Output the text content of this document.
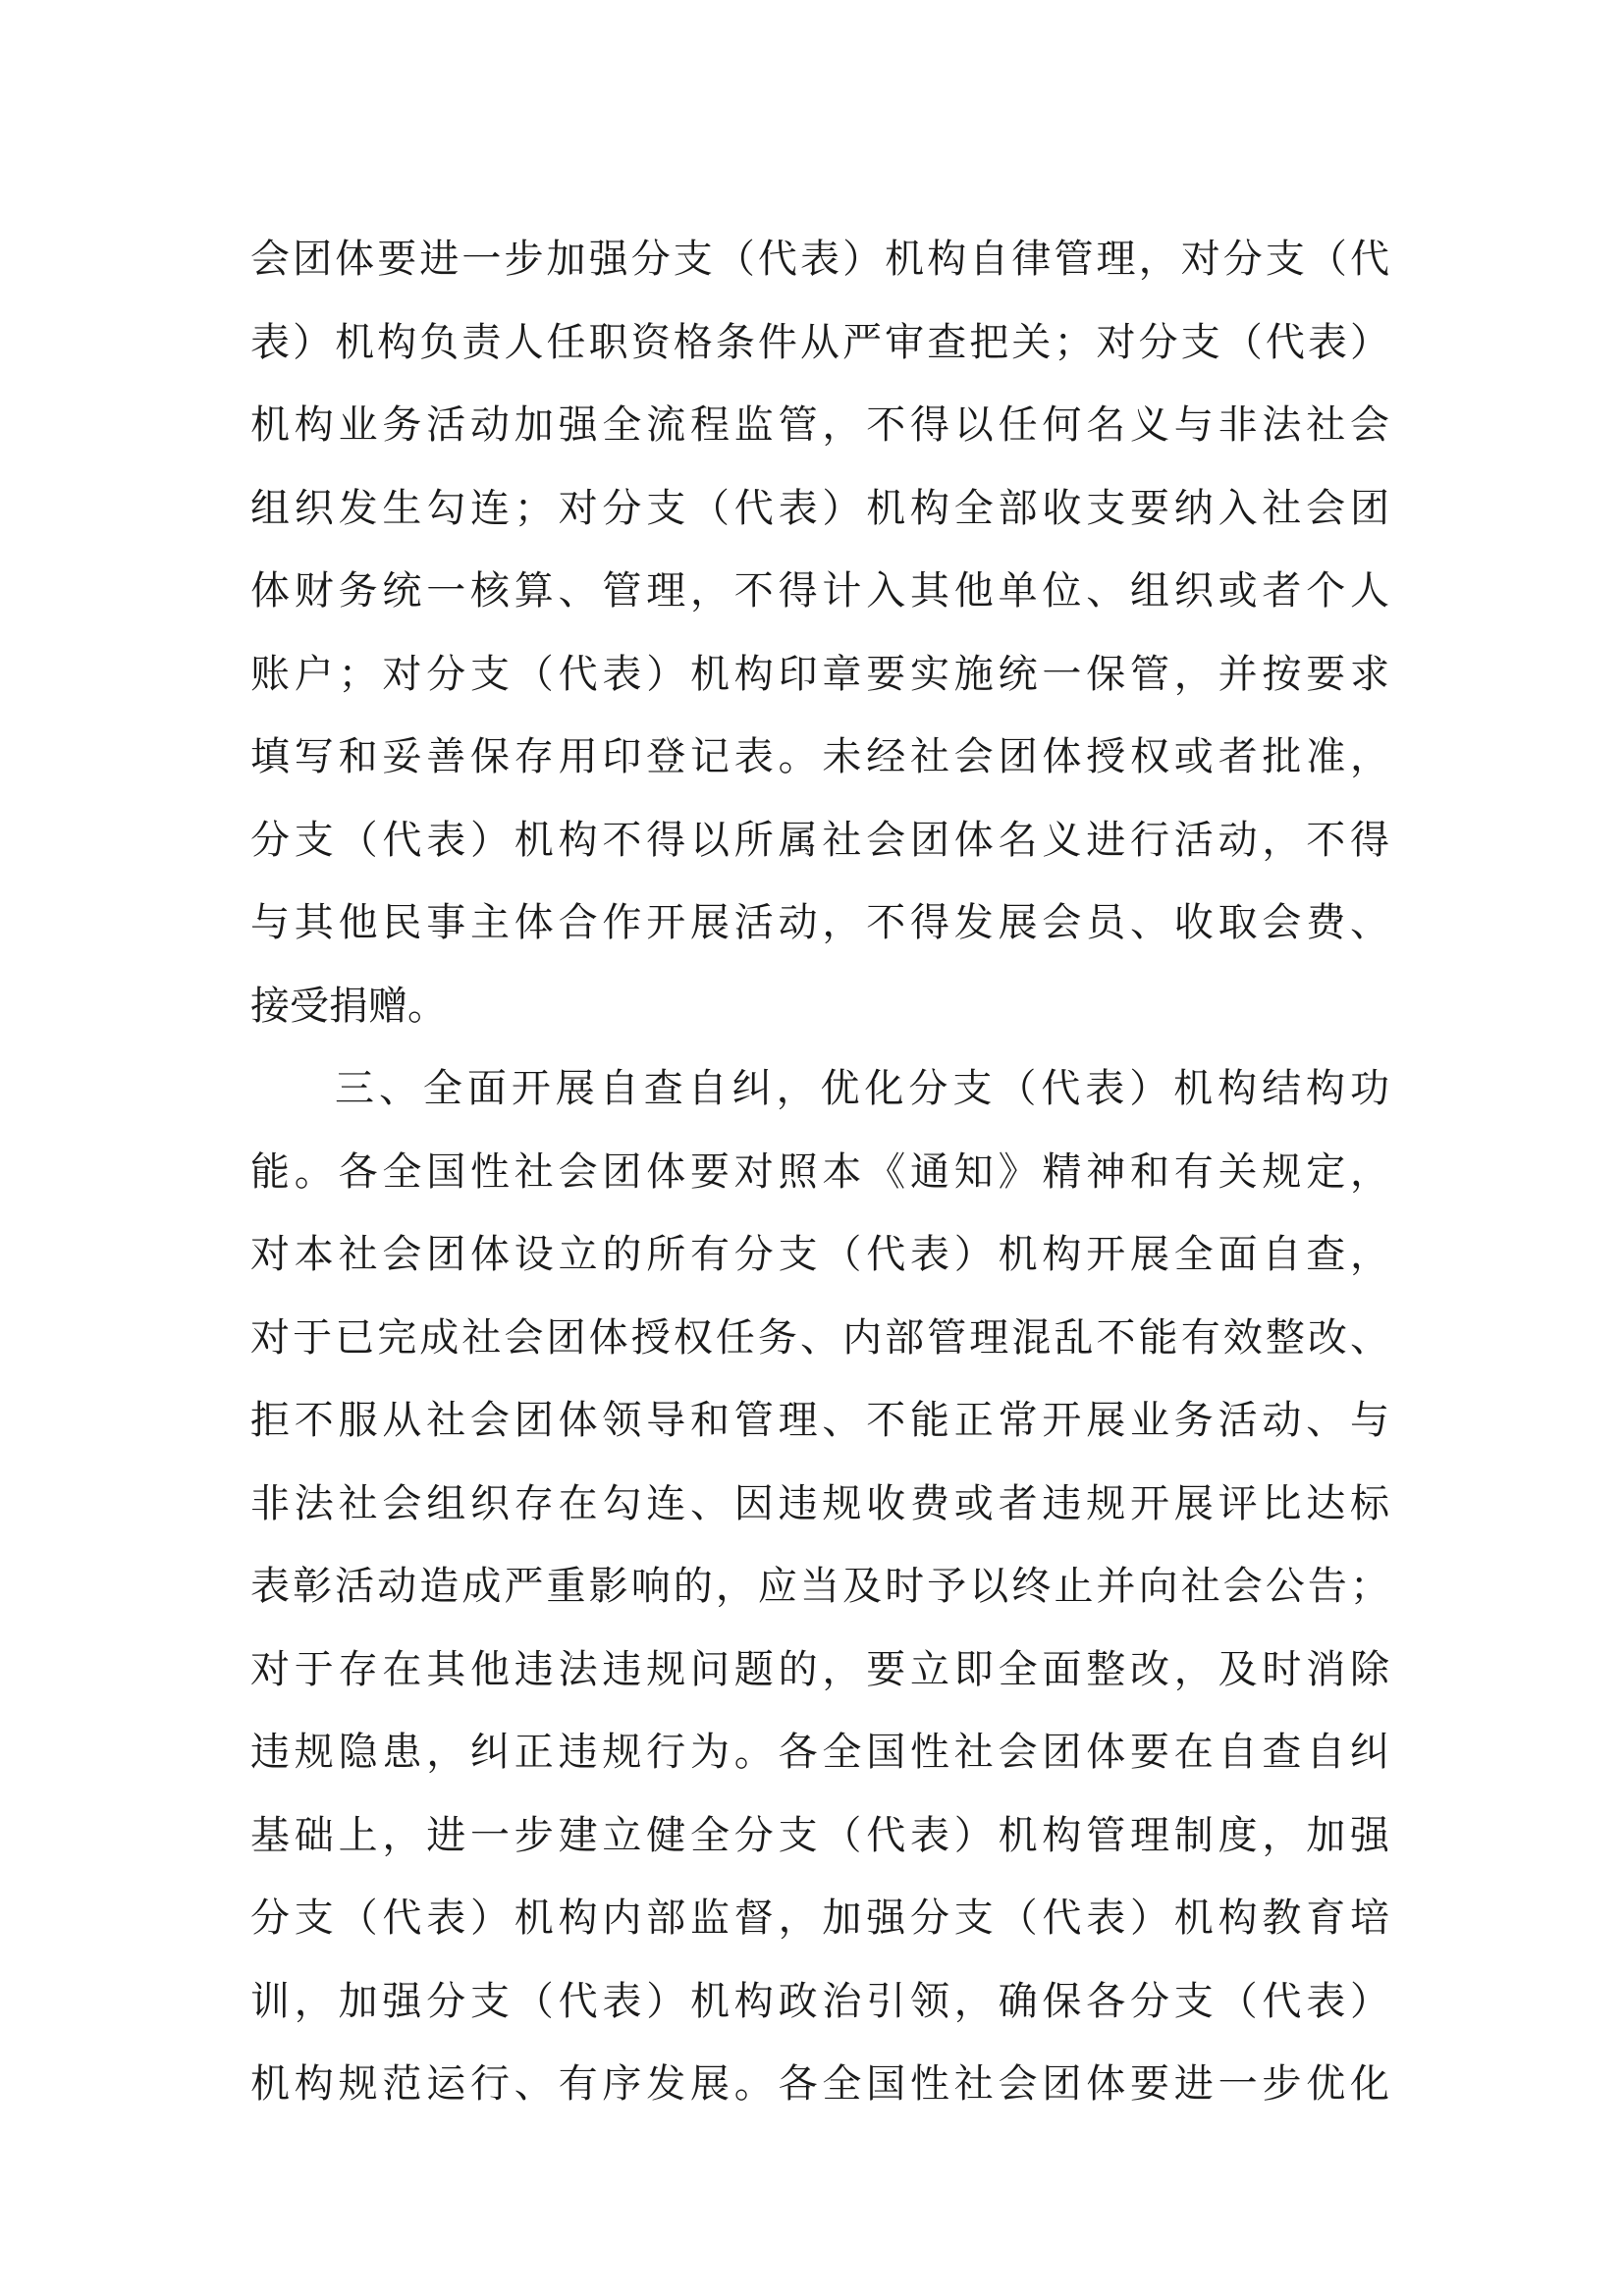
会团体要进一步加强分支（代表）机构自律管理，对分支（代
表）机构负责人任职资格条件从严审查把关；对分支（代表）
机构业务活动加强全流程监管，不得以任何名义与非法社会
组织发生勾连；对分支（代表）机构全部收支要纳入社会团
体财务统一核算、管理，不得计入其他单位、组织或者个人
账户；对分支（代表）机构印章要实施统一保管，并按要求
填写和妥善保存用印登记表。未经社会团体授权或者批准，
分支（代表）机构不得以所属社会团体名义进行活动，不得
与其他民事主体合作开展活动，不得发展会员、收取会费、
接受捐赠。
三、全面开展自查自纠，优化分支（代表）机构结构功
能。各全国性社会团体要对照本《通知》精神和有关规定，
对本社会团体设立的所有分支（代表）机构开展全面自查，
对于已完成社会团体授权任务、内部管理混乱不能有效整改、
拒不服从社会团体领导和管理、不能正常开展业务活动、与
非法社会组织存在勾连、因违规收费或者违规开展评比达标
表彰活动造成严重影响的，应当及时予以终止并向社会公告；
对于存在其他违法违规问题的，要立即全面整改，及时消除
违规隐患，纠正违规行为。各全国性社会团体要在自查自纠
基础上，进一步建立健全分支（代表）机构管理制度，加强
分支（代表）机构内部监督，加强分支（代表）机构教育培
训，加强分支（代表）机构政治引领，确保各分支（代表）
机构规范运行、有序发展。各全国性社会团体要进一步优化
